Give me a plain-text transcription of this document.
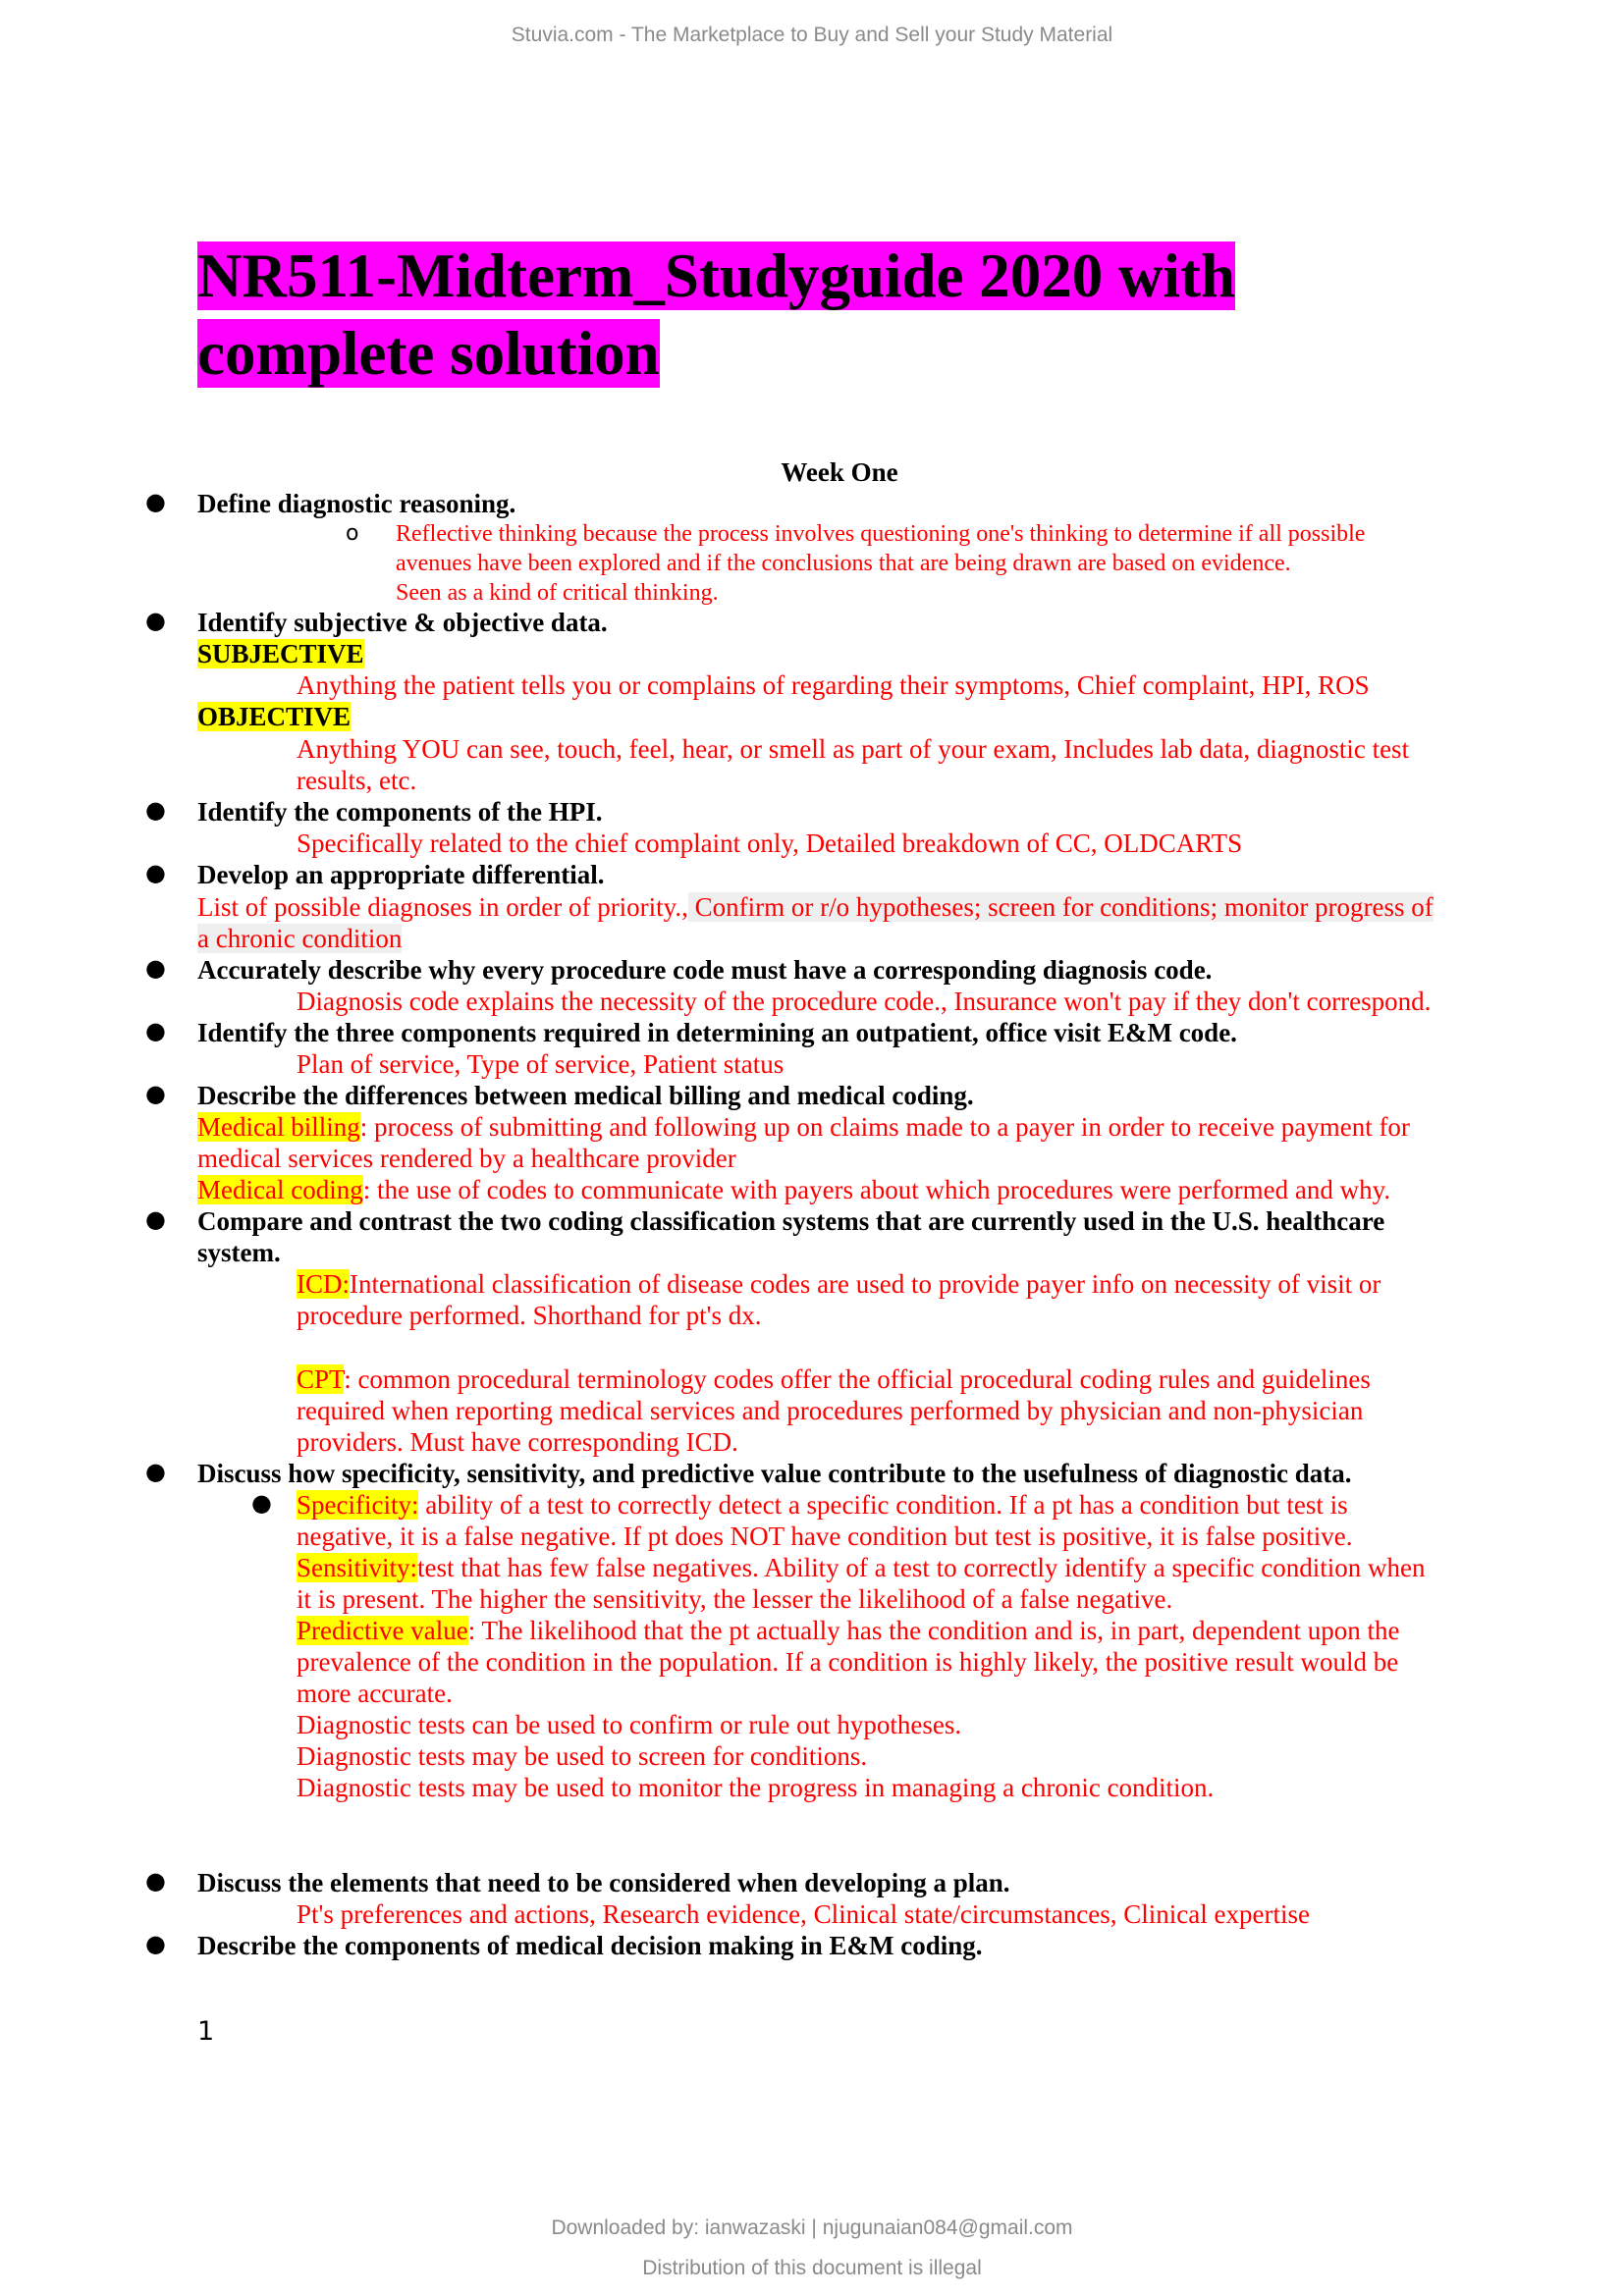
Stuvia.com - The Marketplace to Buy and Sell your Study Material
NR511-Midterm_Studyguide 2020 with
complete solution
Week One
● Define diagnostic reasoning.
o Reflective thinking because the process involves questioning one's thinking to determine if all possible
avenues have been explored and if the conclusions that are being drawn are based on evidence.
Seen as a kind of critical thinking.
● Identify subjective & objective data.
SUBJECTIVE
Anything the patient tells you or complains of regarding their symptoms, Chief complaint, HPI, ROS
OBJECTIVE
Anything YOU can see, touch, feel, hear, or smell as part of your exam, Includes lab data, diagnostic test
results, etc.
● Identify the components of the HPI.
Specifically related to the chief complaint only, Detailed breakdown of CC, OLDCARTS
● Develop an appropriate differential.
List of possible diagnoses in order of priority., Confirm or r/o hypotheses; screen for conditions; monitor progress of
a chronic condition
● Accurately describe why every procedure code must have a corresponding diagnosis code.
Diagnosis code explains the necessity of the procedure code., Insurance won't pay if they don't correspond.
● Identify the three components required in determining an outpatient, office visit E&M code.
Plan of service, Type of service, Patient status
● Describe the differences between medical billing and medical coding.
Medical billing: process of submitting and following up on claims made to a payer in order to receive payment for
medical services rendered by a healthcare provider
Medical coding: the use of codes to communicate with payers about which procedures were performed and why.
● Compare and contrast the two coding classification systems that are currently used in the U.S. healthcare
system.
ICD:International classification of disease codes are used to provide payer info on necessity of visit or
procedure performed. Shorthand for pt's dx.
CPT: common procedural terminology codes offer the official procedural coding rules and guidelines
required when reporting medical services and procedures performed by physician and non-physician
providers. Must have corresponding ICD.
● Discuss how specificity, sensitivity, and predictive value contribute to the usefulness of diagnostic data.
● Specificity: ability of a test to correctly detect a specific condition. If a pt has a condition but test is
negative, it is a false negative. If pt does NOT have condition but test is positive, it is false positive.
Sensitivity:test that has few false negatives. Ability of a test to correctly identify a specific condition when
it is present. The higher the sensitivity, the lesser the likelihood of a false negative.
Predictive value: The likelihood that the pt actually has the condition and is, in part, dependent upon the
prevalence of the condition in the population. If a condition is highly likely, the positive result would be
more accurate.
Diagnostic tests can be used to confirm or rule out hypotheses.
Diagnostic tests may be used to screen for conditions.
Diagnostic tests may be used to monitor the progress in managing a chronic condition.
● Discuss the elements that need to be considered when developing a plan.
Pt's preferences and actions, Research evidence, Clinical state/circumstances, Clinical expertise
● Describe the components of medical decision making in E&M coding.
1
Downloaded by: ianwazaski | njugunaian084@gmail.com
Distribution of this document is illegal
